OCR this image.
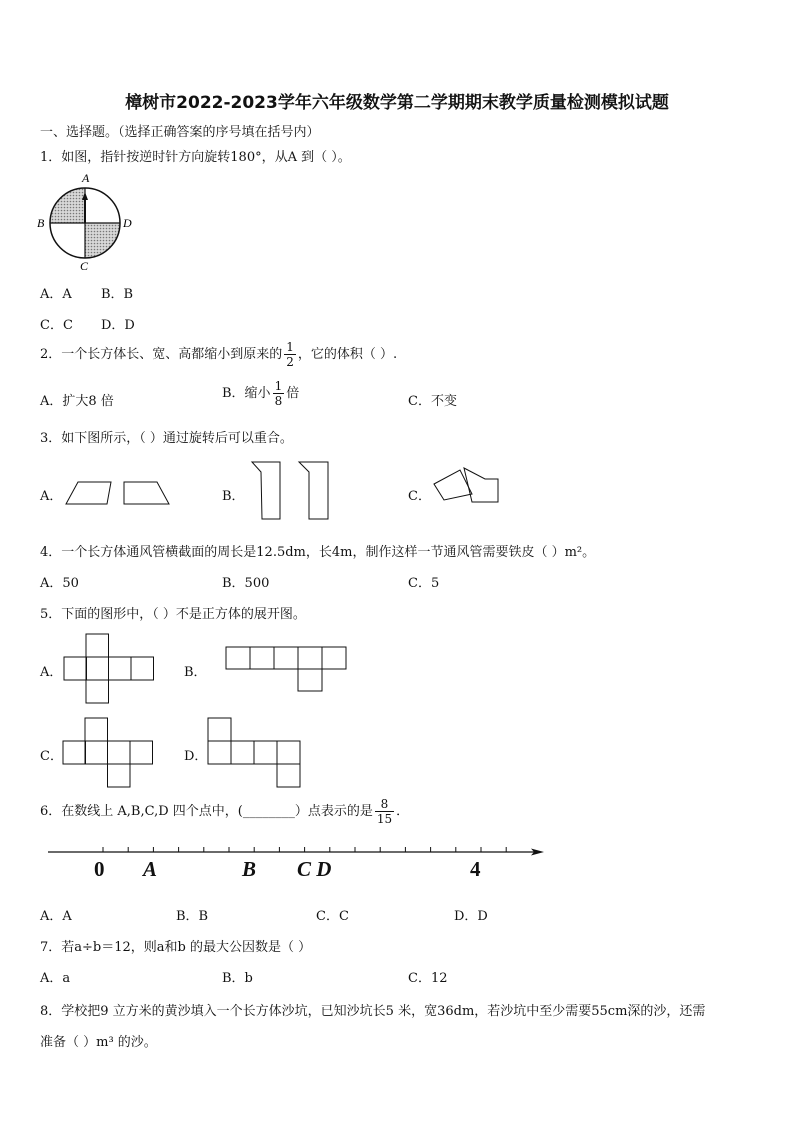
樟树市2022-2023学年六年级数学第二学期期末教学质量检测模拟试题
一、选择题。（选择正确答案的序号填在括号内）
1．如图，指针按逆时针方向旋转180°，从A 到（ ）。
A
B	D
C
A．A B．B
C．C D．D
2．一个长方体长、宽、高都缩小到原来的 $\frac{1}{2}$ ，它的体积（ ）.
A．扩大8 倍
B．缩小 $\frac{1}{8}$ 倍
C．不变
3．如下图所示，（ ）通过旋转后可以重合。
A．	B．	C．
4．一个长方体通风管横截面的周长是12.5dm，长4m，制作这样一节通风管需要铁皮（ ）m²。
A．50	B．500	C．5
5．下面的图形中，（ ）不是正方体的展开图。
A．	B．
C．	D．
6．在数线上 A,B,C,D 四个点中，(________）点表示的是 $\frac{8}{15}$ ．
0 A	B C D	4
A．A	B．B	C．C	D．D
7．若a÷b＝12，则a和b 的最大公因数是（ ）
A．a	B．b	C．12
8．学校把9 立方米的黄沙填入一个长方体沙坑，已知沙坑长5 米，宽36dm，若沙坑中至少需要55cm深的沙，还需
准备（ ）m³ 的沙。
